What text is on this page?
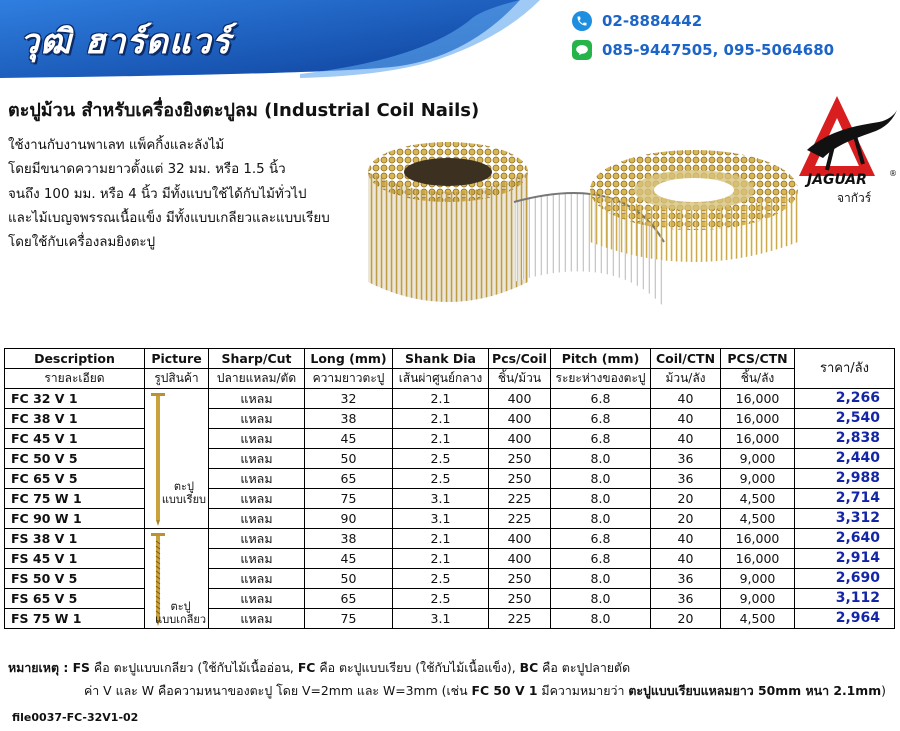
วุฒิ ฮาร์ดแวร์
02-8884442
085-9447505, 095-5064680
ตะปูม้วน สำหรับเครื่องยิงตะปูลม (Industrial Coil Nails)
ใช้งานกับงานพาเลท แพ็คกิ้งและลังไม้
โดยมีขนาดความยาวตั้งแต่ 32 มม. หรือ 1.5 นิ้ว
จนถึง 100 มม. หรือ 4 นิ้ว มีทั้งแบบใช้ได้กับไม้ทั่วไป
และไม้เบญจพรรณเนื้อแข็ง มีทั้งแบบเกลียวและแบบเรียบ
โดยใช้กับเครื่องลมยิงตะปู
JAGUAR	®
จากัวร์
Description	Picture	Sharp/Cut	Long (mm)	Shank Dia	Pcs/Coil	Pitch (mm)	Coil/CTN	PCS/CTN	ราคา/ลัง
รายละเอียด	รูปสินค้า	ปลายแหลม/ตัด	ความยาวตะปู	เส้นผ่าศูนย์กลาง	ชิ้น/ม้วน	ระยะห่างของตะปู	ม้วน/ลัง	ชิ้น/ลัง	
FC 32 V 1	ตะปู
แบบเรียบ	แหลม	32	2.1	400	6.8	40	16,000	2,266
FC 38 V 1		แหลม	38	2.1	400	6.8	40	16,000	2,540
FC 45 V 1		แหลม	45	2.1	400	6.8	40	16,000	2,838
FC 50 V 5		แหลม	50	2.5	250	8.0	36	9,000	2,440
FC 65 V 5		แหลม	65	2.5	250	8.0	36	9,000	2,988
FC 75 W 1		แหลม	75	3.1	225	8.0	20	4,500	2,714
FC 90 W 1		แหลม	90	3.1	225	8.0	20	4,500	3,312
FS 38 V 1	ตะปู
แบบเกลียว	แหลม	38	2.1	400	6.8	40	16,000	2,640
FS 45 V 1		แหลม	45	2.1	400	6.8	40	16,000	2,914
FS 50 V 5		แหลม	50	2.5	250	8.0	36	9,000	2,690
FS 65 V 5		แหลม	65	2.5	250	8.0	36	9,000	3,112
FS 75 W 1		แหลม	75	3.1	225	8.0	20	4,500	2,964
หมายเหตุ : FS คือ ตะปูแบบเกลียว (ใช้กับไม้เนื้ออ่อน, FC คือ ตะปูแบบเรียบ (ใช้กับไม้เนื้อแข็ง), BC คือ ตะปูปลายตัด
ค่า V และ W คือความหนาของตะปู โดย V=2mm และ W=3mm (เช่น FC 50 V 1 มีความหมายว่า ตะปูแบบเรียบแหลมยาว 50mm หนา 2.1mm)
file0037-FC-32V1-02
